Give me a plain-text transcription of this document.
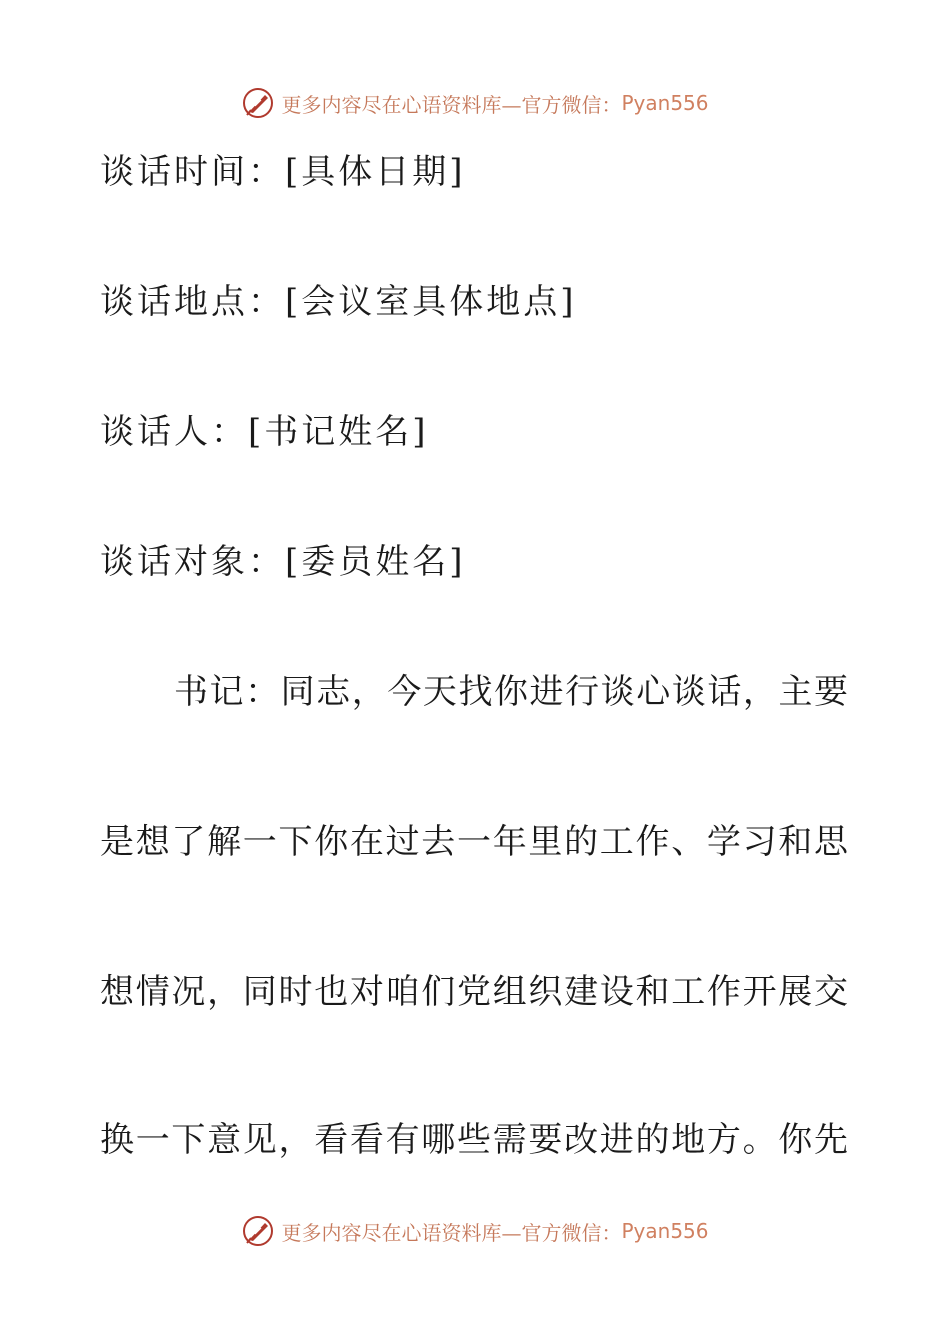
更多内容尽在心语资料库—官方微信： Pyan556
谈话时间：[具体日期]
谈话地点：[会议室具体地点]
谈话人：[书记姓名]
谈话对象：[委员姓名]
书记：同志，今天找你进行谈心谈话，主要
是想了解一下你在过去一年里的工作、学习和思
想情况，同时也对咱们党组织建设和工作开展交
换一下意见，看看有哪些需要改进的地方。你先
更多内容尽在心语资料库—官方微信： Pyan556
